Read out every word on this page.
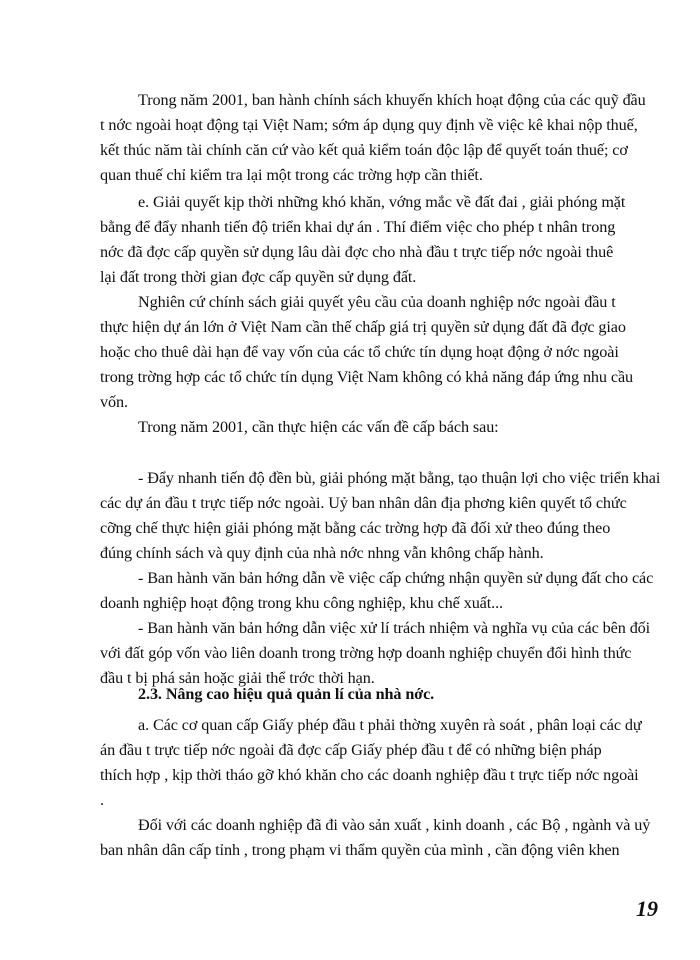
Trong năm 2001, ban hành chính sách khuyến khích hoạt động của các quỹ đầu
t nớc ngoài hoạt động tại Việt Nam; sớm áp dụng quy định về việc kê khai nộp thuế,
kết thúc năm tài chính căn cứ vào kết quả kiểm toán độc lập để quyết toán thuế; cơ
quan thuế chỉ kiểm tra lại một trong các trờng hợp cần thiết.
e. Giải quyết kịp thời những khó khăn, vớng mắc về đất đai , giải phóng mặt
bằng để đẩy nhanh tiến độ triển khai dự án . Thí điểm việc cho phép t nhân trong
nớc đã đợc cấp quyền sử dụng lâu dài đợc cho nhà đầu t trực tiếp nớc ngoài thuê
lại đất trong thời gian đợc cấp quyền sử dụng đất.
Nghiên cứ chính sách giải quyết yêu cầu của doanh nghiệp nớc ngoài đầu t
thực hiện dự án lớn ở Việt Nam cần thế chấp giá trị quyền sử dụng đất đã đợc giao
hoặc cho thuê dài hạn để vay vốn của các tổ chức tín dụng hoạt động ở nớc ngoài
trong trờng hợp các tổ chức tín dụng Việt Nam không có khả năng đáp ứng nhu cầu
vốn.
Trong năm 2001, cần thực hiện các vấn đề cấp bách sau:
- Đẩy nhanh tiến độ đền bù, giải phóng mặt bằng, tạo thuận lợi cho việc triển khai
các dự án đầu t trực tiếp nớc ngoài. Uỷ ban nhân dân địa phơng kiên quyết tổ chức
cỡng chế thực hiện giải phóng mặt bằng các trờng hợp đã đối xử theo đúng theo
đúng chính sách và quy định của nhà nớc nhng vẫn không chấp hành.
- Ban hành văn bản hớng dẫn về việc cấp chứng nhận quyền sử dụng đất cho các
doanh nghiệp hoạt động trong khu công nghiệp, khu chế xuất...
- Ban hành văn bản hớng dẫn việc xử lí trách nhiệm và nghĩa vụ của các bên đối
với đất góp vốn vào liên doanh trong trờng hợp doanh nghiệp chuyển đổi hình thức
đầu t bị phá sản hoặc giải thể trớc thời hạn.
2.3. Nâng cao hiệu quả quản lí của nhà nớc.
a. Các cơ quan cấp Giấy phép đầu t phải thờng xuyên rà soát , phân loại các dự
án đầu t trực tiếp nớc ngoài đã đợc cấp Giấy phép đầu t để có những biện pháp
thích hợp , kịp thời tháo gỡ khó khăn cho các doanh nghiệp đầu t trực tiếp nớc ngoài
.
Đối với các doanh nghiệp đã đi vào sản xuất , kinh doanh , các Bộ , ngành và uỷ
ban nhân dân cấp tỉnh , trong phạm vi thẩm quyền của mình , cần động viên khen
19
